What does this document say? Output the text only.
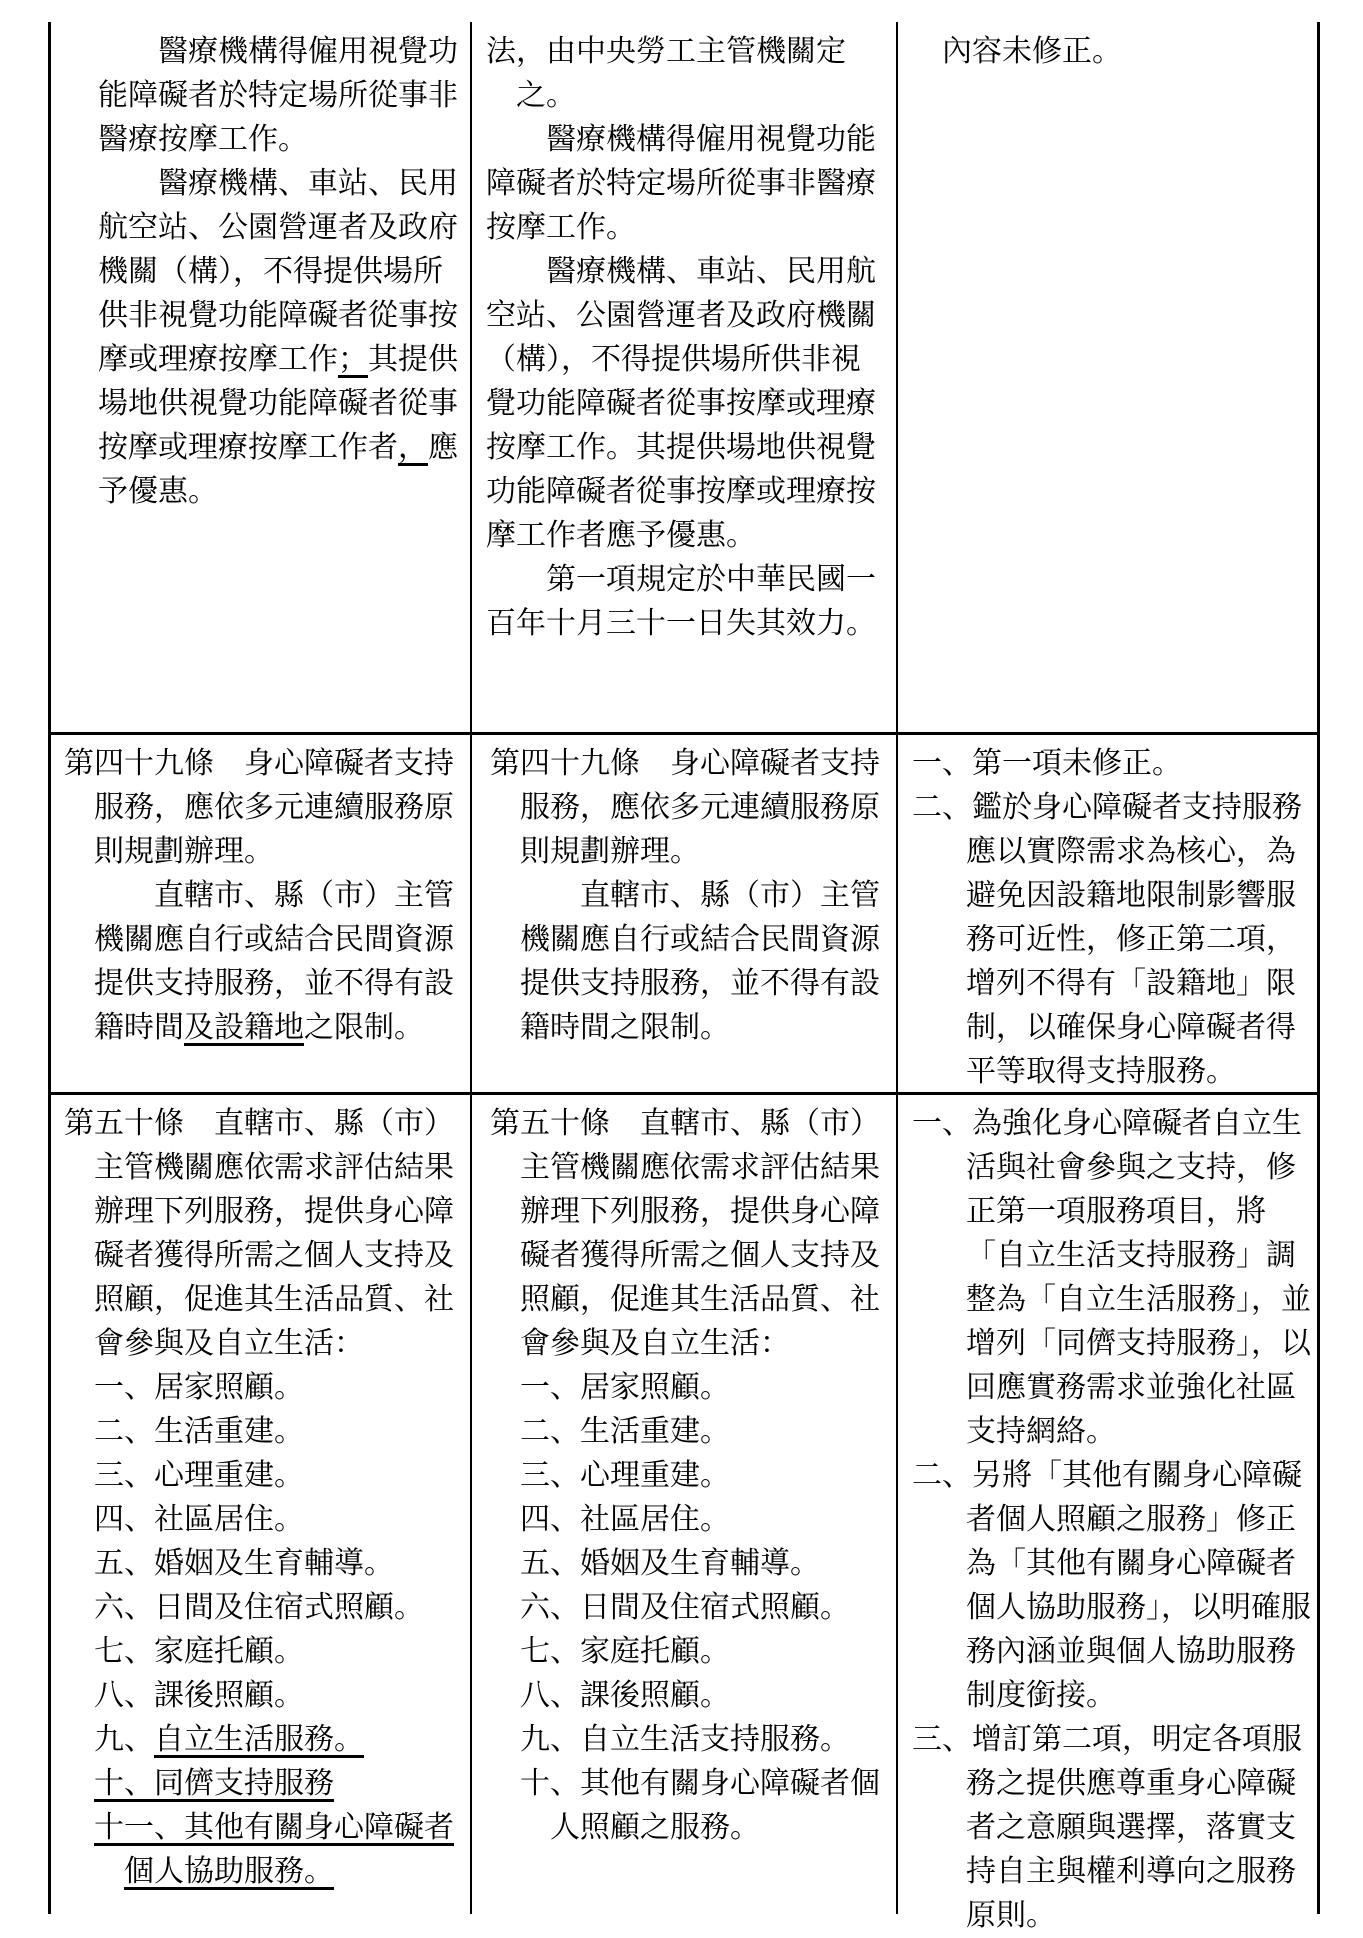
醫療機構得僱用視覺功能障礙者於特定場所從事非醫療按摩工作。

醫療機構、車站、民用航空站、公園營運者及政府機關（構），不得提供場所供非視覺功能障礙者從事按摩或理療按摩工作；其提供場地供視覺功能障礙者從事按摩或理療按摩工作者，應予優惠。

法，由中央勞工主管機關定之。

醫療機構得僱用視覺功能障礙者於特定場所從事非醫療按摩工作。

醫療機構、車站、民用航空站、公園營運者及政府機關（構），不得提供場所供非視覺功能障礙者從事按摩或理療按摩工作。其提供場地供視覺功能障礙者從事按摩或理療按摩工作者應予優惠。

第一項規定於中華民國一百年十月三十一日失其效力。

內容未修正。

第四十九條　身心障礙者支持服務，應依多元連續服務原則規劃辦理。

直轄市、縣（市）主管機關應自行或結合民間資源提供支持服務，並不得有設籍時間及設籍地之限制。

第四十九條　身心障礙者支持服務，應依多元連續服務原則規劃辦理。

直轄市、縣（市）主管機關應自行或結合民間資源提供支持服務，並不得有設籍時間之限制。

一、第一項未修正。

二、鑑於身心障礙者支持服務應以實際需求為核心，為避免因設籍地限制影響服務可近性，修正第二項，增列不得有「設籍地」限制，以確保身心障礙者得平等取得支持服務。

第五十條　直轄市、縣（市）主管機關應依需求評估結果辦理下列服務，提供身心障礙者獲得所需之個人支持及照顧，促進其生活品質、社會參與及自立生活：

一、居家照顧。

二、生活重建。

三、心理重建。

四、社區居住。

五、婚姻及生育輔導。

六、日間及住宿式照顧。

七、家庭托顧。

八、課後照顧。

九、自立生活服務。

十、同儕支持服務

十一、其他有關身心障礙者個人協助服務。

第五十條　直轄市、縣（市）主管機關應依需求評估結果辦理下列服務，提供身心障礙者獲得所需之個人支持及照顧，促進其生活品質、社會參與及自立生活：

一、居家照顧。

二、生活重建。

三、心理重建。

四、社區居住。

五、婚姻及生育輔導。

六、日間及住宿式照顧。

七、家庭托顧。

八、課後照顧。

九、自立生活支持服務。

十、其他有關身心障礙者個人照顧之服務。

一、為強化身心障礙者自立生活與社會參與之支持，修正第一項服務項目，將「自立生活支持服務」調整為「自立生活服務」，並增列「同儕支持服務」，以回應實務需求並強化社區支持網絡。

二、另將「其他有關身心障礙者個人照顧之服務」修正為「其他有關身心障礙者個人協助服務」，以明確服務內涵並與個人協助服務制度銜接。

三、增訂第二項，明定各項服務之提供應尊重身心障礙者之意願與選擇，落實支持自主與權利導向之服務原則。
